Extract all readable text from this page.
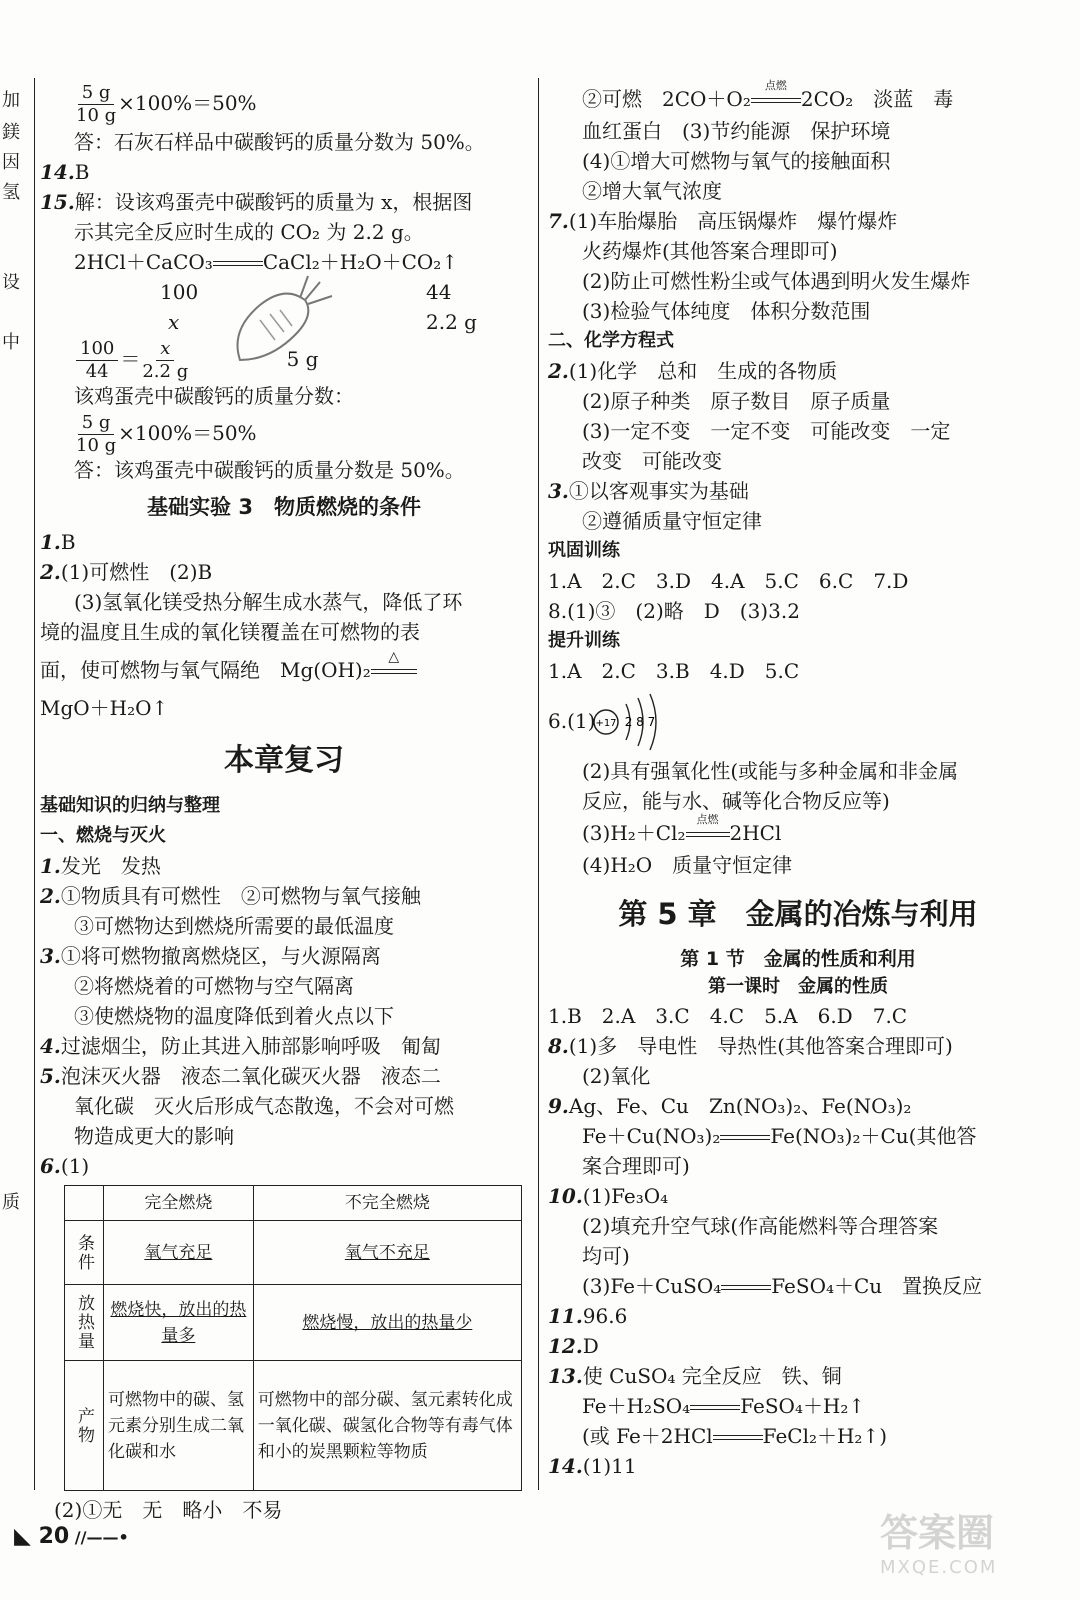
加
鎂
因
氢
设
中
质
$\frac{5 g}{10 g} \times 100\%=50\%$
答：石灰石样品中碳酸钙的质量分数为 50%。
14.B
15.解：设该鸡蛋壳中碳酸钙的质量为 x，根据图
示其完全反应时生成的 CO₂ 为 2.2 g。
2HCl＋CaCO₃	CaCl₂＋H₂O＋CO₂↑
100	44
x	2.2 g
$\frac{100}{44} = \frac{x}{2.2 g}$	5 g
该鸡蛋壳中碳酸钙的质量分数：
$\frac{5 g}{10 g} \times 100\%=50\%$
答：该鸡蛋壳中碳酸钙的质量分数是 50%。
基础实验 3　物质燃烧的条件
1.B
2.(1)可燃性　(2)B
(3)氢氧化镁受热分解生成水蒸气，降低了环
境的温度且生成的氧化镁覆盖在可燃物的表
面，使可燃物与氧气隔绝　Mg(OH)₂
△
MgO＋H₂O↑
本章复习
基础知识的归纳与整理
一、燃烧与灭火
1.发光　发热
2.①物质具有可燃性　②可燃物与氧气接触
③可燃物达到燃烧所需要的最低温度
3.①将可燃物撤离燃烧区，与火源隔离
②将燃烧着的可燃物与空气隔离
③使燃烧物的温度降低到着火点以下
4.过滤烟尘，防止其进入肺部影响呼吸　匍匐
5.泡沫灭火器　液态二氧化碳灭火器　液态二
氧化碳　灭火后形成气态散逸，不会对可燃
物造成更大的影响
6.(1)
	完全燃烧	不完全燃烧
条件	氧气充足	氧气不充足
放热量	燃烧快，放出的热量多	燃烧慢，放出的热量少
产物	可燃物中的碳、氢元素分别生成二氧化碳和水	可燃物中的部分碳、氢元素转化成一氧化碳、碳氢化合物等有毒气体和小的炭黑颗粒等物质
(2)①无　无　略小　不易
②可燃　2CO＋O₂
点燃
2CO₂　淡蓝　毒
血红蛋白　(3)节约能源　保护环境
(4)①增大可燃物与氧气的接触面积
②增大氧气浓度
7.(1)车胎爆胎　高压锅爆炸　爆竹爆炸
火药爆炸(其他答案合理即可)
(2)防止可燃性粉尘或气体遇到明火发生爆炸
(3)检验气体纯度　体积分数范围
二、化学方程式
2.(1)化学　总和　生成的各物质
(2)原子种类　原子数目　原子质量
(3)一定不变　一定不变　可能改变　一定
改变　可能改变
3.①以客观事实为基础
②遵循质量守恒定律
巩固训练
1.A　2.C　3.D　4.A　5.C　6.C　7.D
8.(1)③　(2)略　D　(3)3.2
提升训练
1.A　2.C　3.B　4.D　5.C
6.(1)
(2)具有强氧化性(或能与多种金属和非金属
反应，能与水、碱等化合物反应等)
(3)H₂＋Cl₂
点燃
2HCl
(4)H₂O　质量守恒定律
第 5 章　金属的冶炼与利用
第 1 节　金属的性质和利用
第一课时　金属的性质
1.B　2.A　3.C　4.C　5.A　6.D　7.C
8.(1)多　导电性　导热性(其他答案合理即可)
(2)氧化
9.Ag、Fe、Cu　Zn(NO₃)₂、Fe(NO₃)₂
Fe＋Cu(NO₃)₂	Fe(NO₃)₂＋Cu(其他答
案合理即可)
10.(1)Fe₃O₄
(2)填充升空气球(作高能燃料等合理答案
均可)
(3)Fe＋CuSO₄	FeSO₄＋Cu　置换反应
11.96.6
12.D
13.使 CuSO₄ 完全反应　铁、铜
Fe＋H₂SO₄	FeSO₄＋H₂↑
(或 Fe＋2HCl	FeCl₂＋H₂↑)
14.(1)11
+17 2 8 7
◣ 20 ∕∕——•	答案圈
MXQE.COM
